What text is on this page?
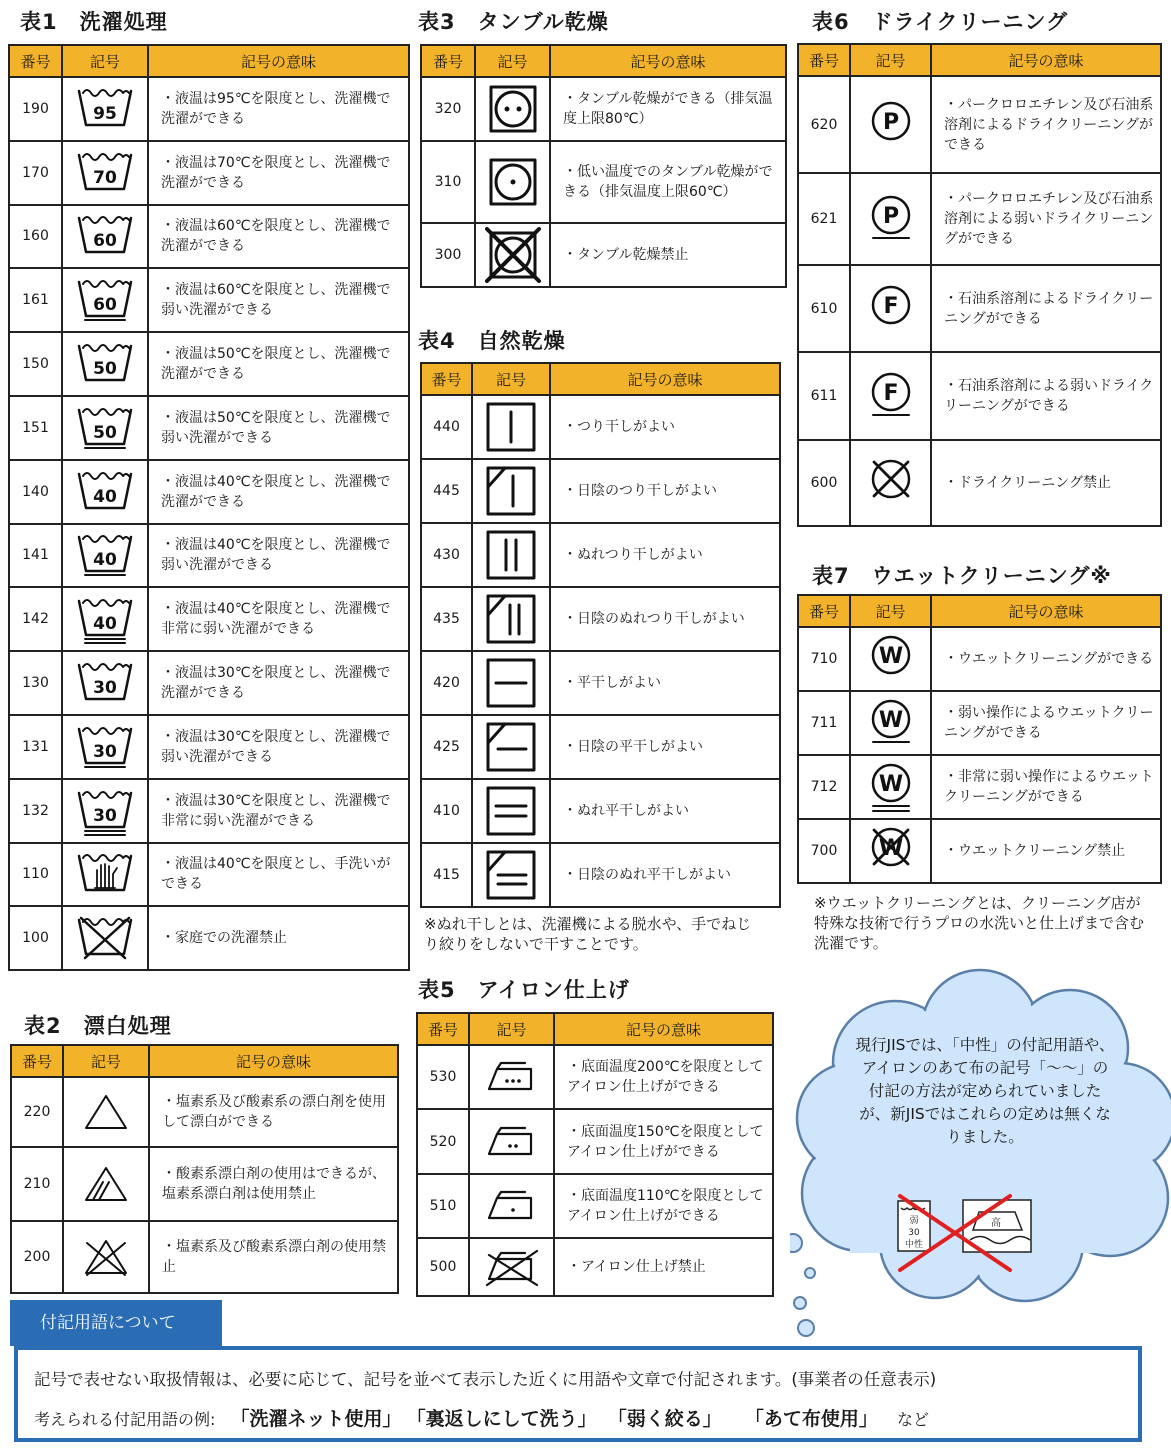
表1　洗濯処理
番号	記号	記号の意味
190	95	・液温は95℃を限度とし、洗濯機で洗濯ができる
170	70	・液温は70℃を限度とし、洗濯機で洗濯ができる
160	60	・液温は60℃を限度とし、洗濯機で洗濯ができる
161	60	・液温は60℃を限度とし、洗濯機で弱い洗濯ができる
150	50	・液温は50℃を限度とし、洗濯機で洗濯ができる
151	50	・液温は50℃を限度とし、洗濯機で弱い洗濯ができる
140	40	・液温は40℃を限度とし、洗濯機で洗濯ができる
141	40	・液温は40℃を限度とし、洗濯機で弱い洗濯ができる
142	40	・液温は40℃を限度とし、洗濯機で非常に弱い洗濯ができる
130	30	・液温は30℃を限度とし、洗濯機で洗濯ができる
131	30	・液温は30℃を限度とし、洗濯機で弱い洗濯ができる
132	30	・液温は30℃を限度とし、洗濯機で非常に弱い洗濯ができる
110		・液温は40℃を限度とし、手洗いができる
100		・家庭での洗濯禁止
表2　漂白処理
番号	記号	記号の意味
220		・塩素系及び酸素系の漂白剤を使用して漂白ができる
210		・酸素系漂白剤の使用はできるが、塩素系漂白剤は使用禁止
200		・塩素系及び酸素系漂白剤の使用禁止
表3　タンブル乾燥
番号	記号	記号の意味
320		・タンブル乾燥ができる（排気温度上限80℃）
310		・低い温度でのタンブル乾燥ができる（排気温度上限60℃）
300		・タンブル乾燥禁止
表4　自然乾燥
番号	記号	記号の意味
440		・つり干しがよい
445		・日陰のつり干しがよい
430		・ぬれつり干しがよい
435		・日陰のぬれつり干しがよい
420		・平干しがよい
425		・日陰の平干しがよい
410		・ぬれ平干しがよい
415		・日陰のぬれ平干しがよい
※ぬれ干しとは、洗濯機による脱水や、手でねじり絞りをしないで干すことです。
表5　アイロン仕上げ
番号	記号	記号の意味
530		・底面温度200℃を限度としてアイロン仕上げができる
520		・底面温度150℃を限度としてアイロン仕上げができる
510		・底面温度110℃を限度としてアイロン仕上げができる
500		・アイロン仕上げ禁止
表6　ドライクリーニング
番号	記号	記号の意味
620	P	・パークロロエチレン及び石油系溶剤によるドライクリーニングができる
621	P	・パークロロエチレン及び石油系溶剤による弱いドライクリーニングができる
610	F	・石油系溶剤によるドライクリーニングができる
611	F	・石油系溶剤による弱いドライクリーニングができる
600		・ドライクリーニング禁止
表7　ウエットクリーニング※
番号	記号	記号の意味
710	W	・ウエットクリーニングができる
711	W	・弱い操作によるウエットクリーニングができる
712	W	・非常に弱い操作によるウエットクリーニングができる
700	W	・ウエットクリーニング禁止
※ウエットクリーニングとは、クリーニング店が特殊な技術で行うプロの水洗いと仕上げまで含む洗濯です。
弱
30
中性
高
現行JISでは、「中性」の付記用語や、アイロンのあて布の記号「〜〜」の付記の方法が定められていましたが、新JISではこれらの定めは無くなりました。
付記用語について
記号で表せない取扱情報は、必要に応じて、記号を並べて表示した近くに用語や文章で付記されます。(事業者の任意表示)
考えられる付記用語の例: 「洗濯ネット使用」 「裏返しにして洗う」 「弱く絞る」 「あて布使用」 など
